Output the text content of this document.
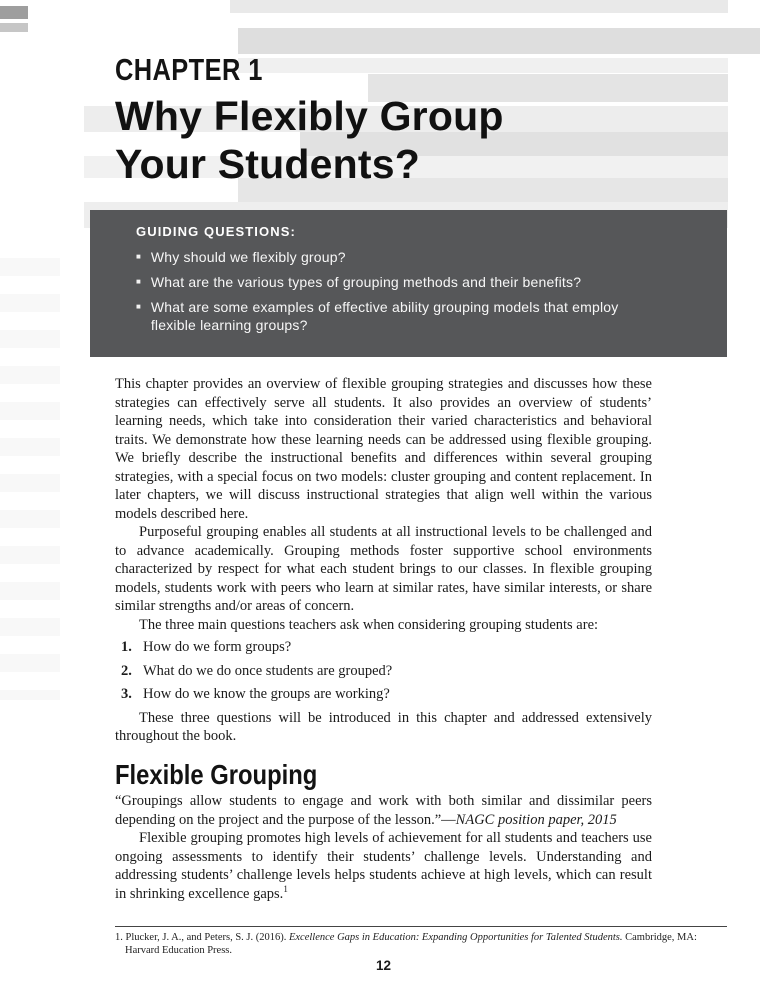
CHAPTER 1
Why Flexibly Group
Your Students?
GUIDING QUESTIONS:
■ Why should we flexibly group?
■ What are the various types of grouping methods and their benefits?
■ What are some examples of effective ability grouping models that employ flexible learning groups?

This chapter provides an overview of flexible grouping strategies and discusses how these strategies can effectively serve all students. It also provides an overview of students’ learning needs, which take into consideration their varied characteristics and behavioral traits. We demonstrate how these learning needs can be addressed using flexible grouping. We briefly describe the instructional benefits and differences within several grouping strategies, with a special focus on two models: cluster grouping and content replacement. In later chapters, we will discuss instructional strategies that align well within the various models described here.

Purposeful grouping enables all students at all instructional levels to be challenged and to advance academically. Grouping methods foster supportive school environments characterized by respect for what each student brings to our classes. In flexible grouping models, students work with peers who learn at similar rates, have similar interests, or share similar strengths and/or areas of concern.

The three main questions teachers ask when considering grouping students are:

1. How do we form groups?
2. What do we do once students are grouped?
3. How do we know the groups are working?

These three questions will be introduced in this chapter and addressed extensively throughout the book.

Flexible Grouping

“Groupings allow students to engage and work with both similar and dissimilar peers depending on the project and the purpose of the lesson.”—NAGC position paper, 2015

Flexible grouping promotes high levels of achievement for all students and teachers use ongoing assessments to identify their students’ challenge levels. Understanding and addressing students’ challenge levels helps students achieve at high levels, which can result in shrinking excellence gaps.$^1$

1. Plucker, J. A., and Peters, S. J. (2016). Excellence Gaps in Education: Expanding Opportunities for Talented Students. Cambridge, MA: Harvard Education Press.

12
